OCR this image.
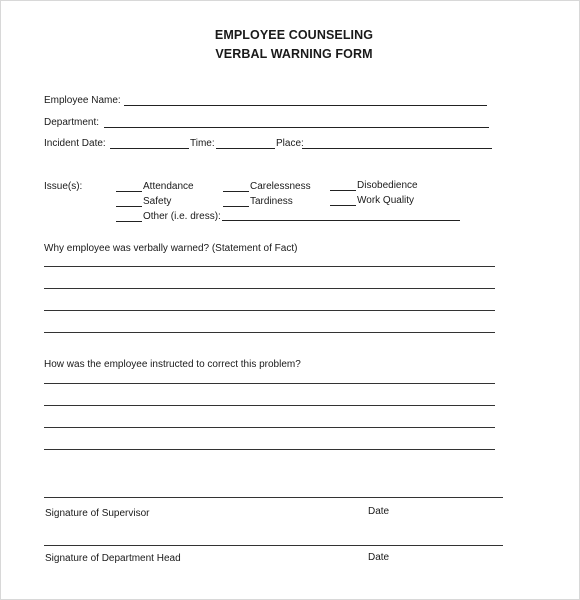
EMPLOYEE COUNSELING
VERBAL WARNING FORM
Employee Name:
Department:
Incident Date:	Time:	Place:
Issue(s):	Attendance	Carelessness	Disobedience
Safety	Tardiness	Work Quality
Other (i.e. dress):
Why employee was verbally warned? (Statement of Fact)
How was the employee instructed to correct this problem?
Signature of Supervisor	Date
Signature of Department Head	Date
